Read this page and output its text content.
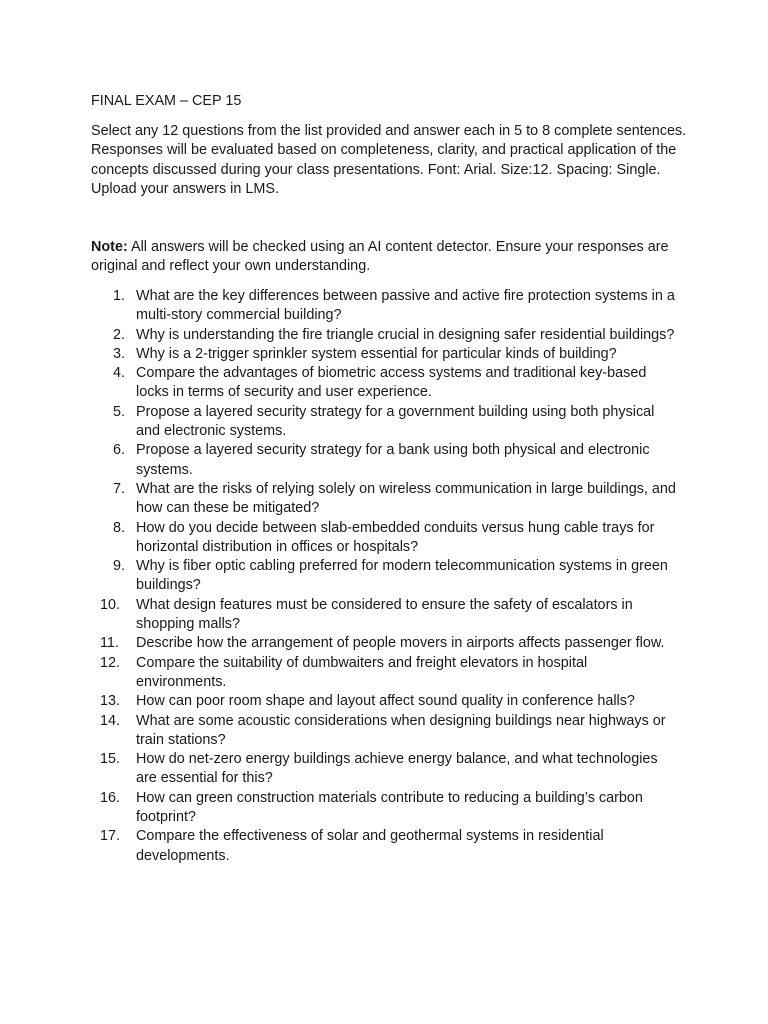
FINAL EXAM – CEP 15

Select any 12 questions from the list provided and answer each in 5 to 8 complete sentences. Responses will be evaluated based on completeness, clarity, and practical application of the concepts discussed during your class presentations. Font: Arial. Size:12. Spacing: Single. Upload your answers in LMS.

Note: All answers will be checked using an AI content detector. Ensure your responses are original and reflect your own understanding.

1. What are the key differences between passive and active fire protection systems in a multi-story commercial building?
2. Why is understanding the fire triangle crucial in designing safer residential buildings?
3. Why is a 2-trigger sprinkler system essential for particular kinds of building?
4. Compare the advantages of biometric access systems and traditional key-based locks in terms of security and user experience.
5. Propose a layered security strategy for a government building using both physical and electronic systems.
6. Propose a layered security strategy for a bank using both physical and electronic systems.
7. What are the risks of relying solely on wireless communication in large buildings, and how can these be mitigated?
8. How do you decide between slab-embedded conduits versus hung cable trays for horizontal distribution in offices or hospitals?
9. Why is fiber optic cabling preferred for modern telecommunication systems in green buildings?
10.	What design features must be considered to ensure the safety of escalators in shopping malls?
11.	Describe how the arrangement of people movers in airports affects passenger flow.
12.	Compare the suitability of dumbwaiters and freight elevators in hospital environments.
13.	How can poor room shape and layout affect sound quality in conference halls?
14.	What are some acoustic considerations when designing buildings near highways or train stations?
15.	How do net-zero energy buildings achieve energy balance, and what technologies are essential for this?
16.	How can green construction materials contribute to reducing a building’s carbon footprint?
17.	Compare the effectiveness of solar and geothermal systems in residential developments.
